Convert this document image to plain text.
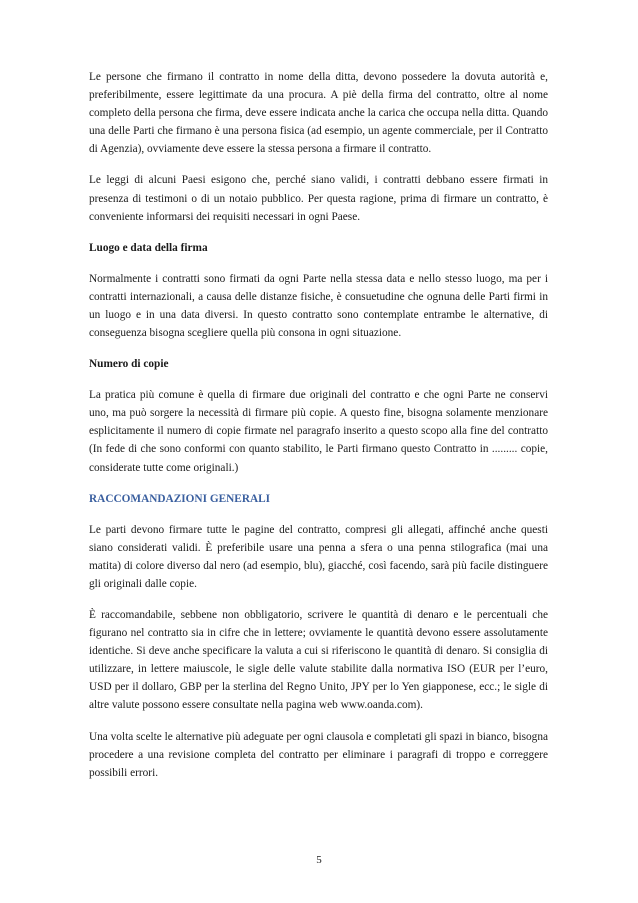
Le persone che firmano il contratto in nome della ditta, devono possedere la dovuta autorità e, preferibilmente, essere legittimate da una procura. A piè della firma del contratto, oltre al nome completo della persona che firma, deve essere indicata anche la carica che occupa nella ditta. Quando una delle Parti che firmano è una persona fisica (ad esempio, un agente commerciale, per il Contratto di Agenzia), ovviamente deve essere la stessa persona a firmare il contratto.

Le leggi di alcuni Paesi esigono che, perché siano validi, i contratti debbano essere firmati in presenza di testimoni o di un notaio pubblico. Per questa ragione, prima di firmare un contratto, è conveniente informarsi dei requisiti necessari in ogni Paese.

Luogo e data della firma

Normalmente i contratti sono firmati da ogni Parte nella stessa data e nello stesso luogo, ma per i contratti internazionali, a causa delle distanze fisiche, è consuetudine che ognuna delle Parti firmi in un luogo e in una data diversi. In questo contratto sono contemplate entrambe le alternative, di conseguenza bisogna scegliere quella più consona in ogni situazione.

Numero di copie

La pratica più comune è quella di firmare due originali del contratto e che ogni Parte ne conservi uno, ma può sorgere la necessità di firmare più copie. A questo fine, bisogna solamente menzionare esplicitamente il numero di copie firmate nel paragrafo inserito a questo scopo alla fine del contratto (In fede di che sono conformi con quanto stabilito, le Parti firmano questo Contratto in ......... copie, considerate tutte come originali.)

RACCOMANDAZIONI GENERALI

Le parti devono firmare tutte le pagine del contratto, compresi gli allegati, affinché anche questi siano considerati validi. È preferibile usare una penna a sfera o una penna stilografica (mai una matita) di colore diverso dal nero (ad esempio, blu), giacché, così facendo, sarà più facile distinguere gli originali dalle copie.

È raccomandabile, sebbene non obbligatorio, scrivere le quantità di denaro e le percentuali che figurano nel contratto sia in cifre che in lettere; ovviamente le quantità devono essere assolutamente identiche. Si deve anche specificare la valuta a cui si riferiscono le quantità di denaro. Si consiglia di utilizzare, in lettere maiuscole, le sigle delle valute stabilite dalla normativa ISO (EUR per l’euro, USD per il dollaro, GBP per la sterlina del Regno Unito, JPY per lo Yen giapponese, ecc.; le sigle di altre valute possono essere consultate nella pagina web www.oanda.com).

Una volta scelte le alternative più adeguate per ogni clausola e completati gli spazi in bianco, bisogna procedere a una revisione completa del contratto per eliminare i paragrafi di troppo e correggere possibili errori.

5
